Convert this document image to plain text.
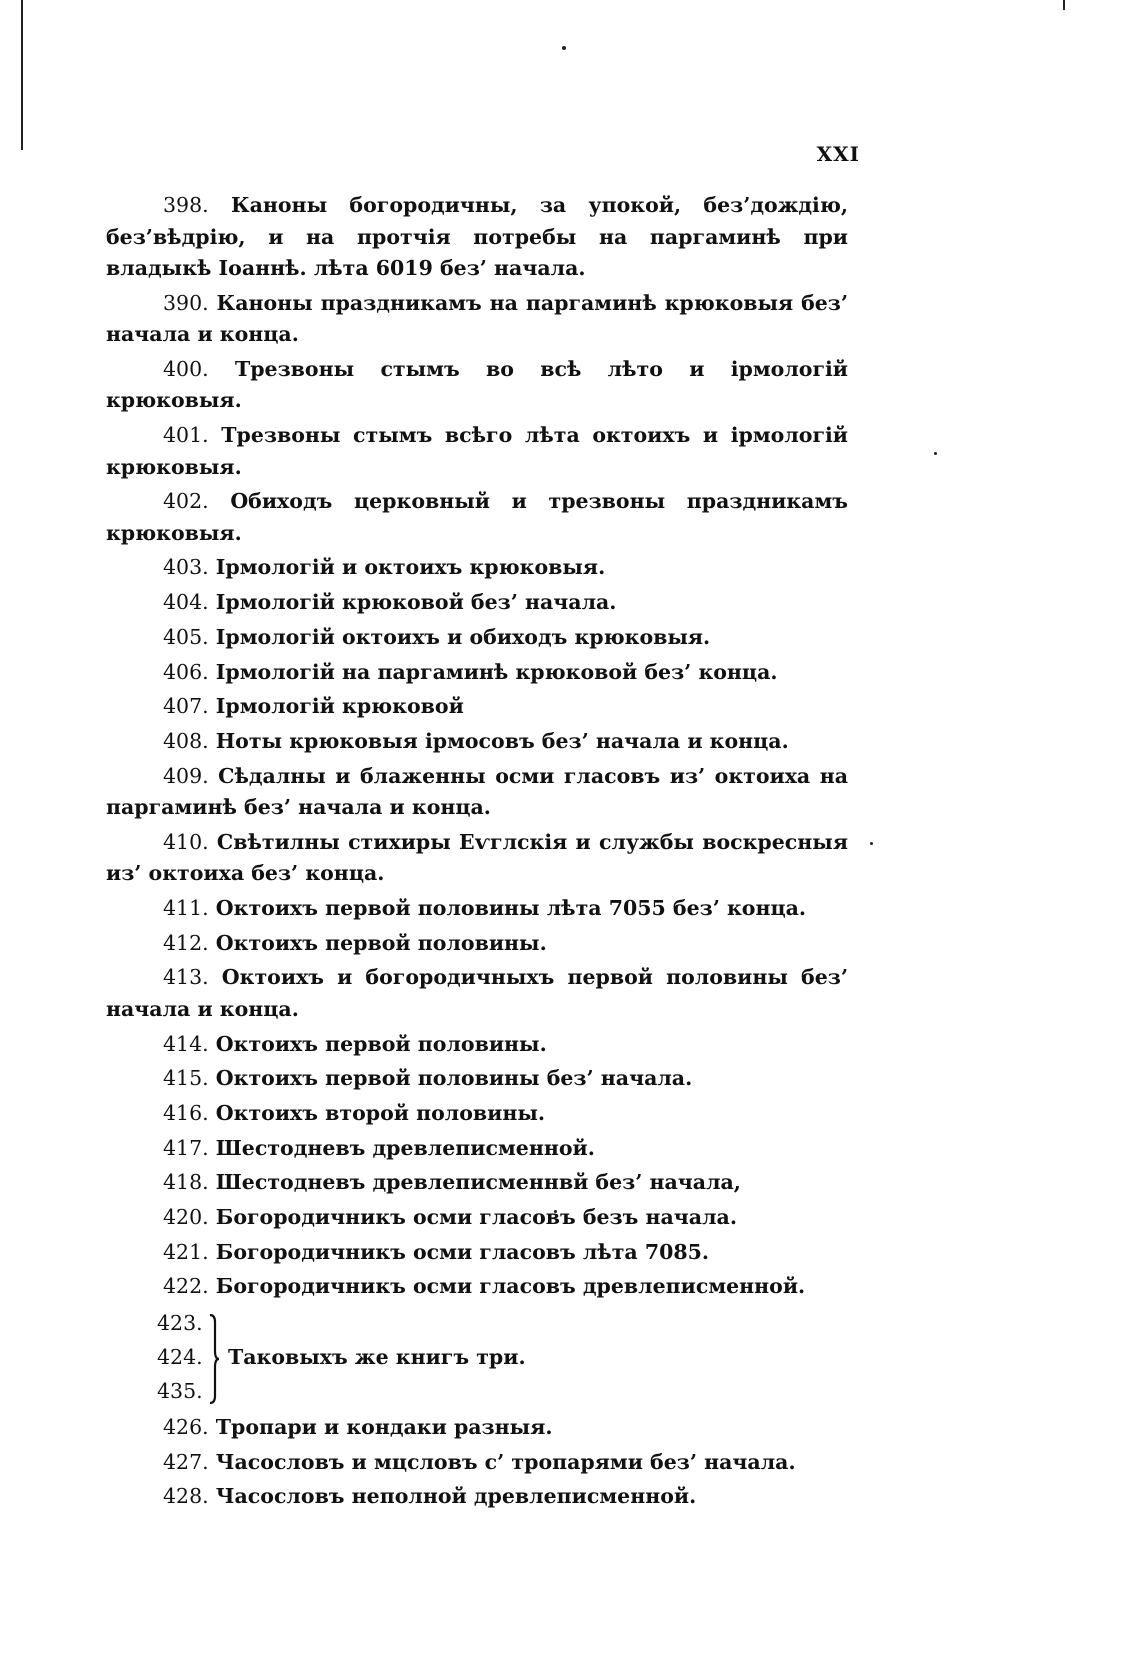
XXI

398. Каноны богородичны, за упокой, без’дождію, без’вѣдрію, и на протчія потребы на паргаминѣ при владыкѣ Іоаннѣ. лѣта 6019 без’ начала.

390. Каноны праздникамъ на паргаминѣ крюковыя без’ начала и конца.

400. Трезвоны стымъ во всѣ лѣто и ірмологій крюковыя.

401. Трезвоны стымъ всѣго лѣта октоихъ и ірмологій крюковыя.

402. Обиходъ церковный и трезвоны праздникамъ крюковыя.

403. Ірмологій и октоихъ крюковыя.

404. Ірмологій крюковой без’ начала.

405. Ірмологій октоихъ и обиходъ крюковыя.

406. Ірмологій на паргаминѣ крюковой без’ конца.

407. Ірмологій крюковой

408. Ноты крюковыя ірмосовъ без’ начала и конца.

409. Сѣдалны и блаженны осми гласовъ из’ октоиха на паргаминѣ без’ начала и конца.

410. Свѣтилны стихиры Еѵглскія и службы воскресныя из’ октоиха без’ конца.

411. Октоихъ первой половины лѣта 7055 без’ конца.

412. Октоихъ первой половины.

413. Октоихъ и богородичныхъ первой половины без’ начала и конца.

414. Октоихъ первой половины.

415. Октоихъ первой половины без’ начала.

416. Октоихъ второй половины.

417. Шестодневъ древлеписменной.

418. Шестодневъ древлеписменнвй без’ начала,

420. Богородичникъ осми гласовъ безъ начала.

421. Богородичникъ осми гласовъ лѣта 7085.

422. Богородичникъ осми гласовъ древлеписменной.

423.
424.
435.
Таковыхъ же книгъ три.

426. Тропари и кондаки разныя.

427. Часословъ и мцсловъ с’ тропарями без’ начала.

428. Часословъ неполной древлеписменной.
